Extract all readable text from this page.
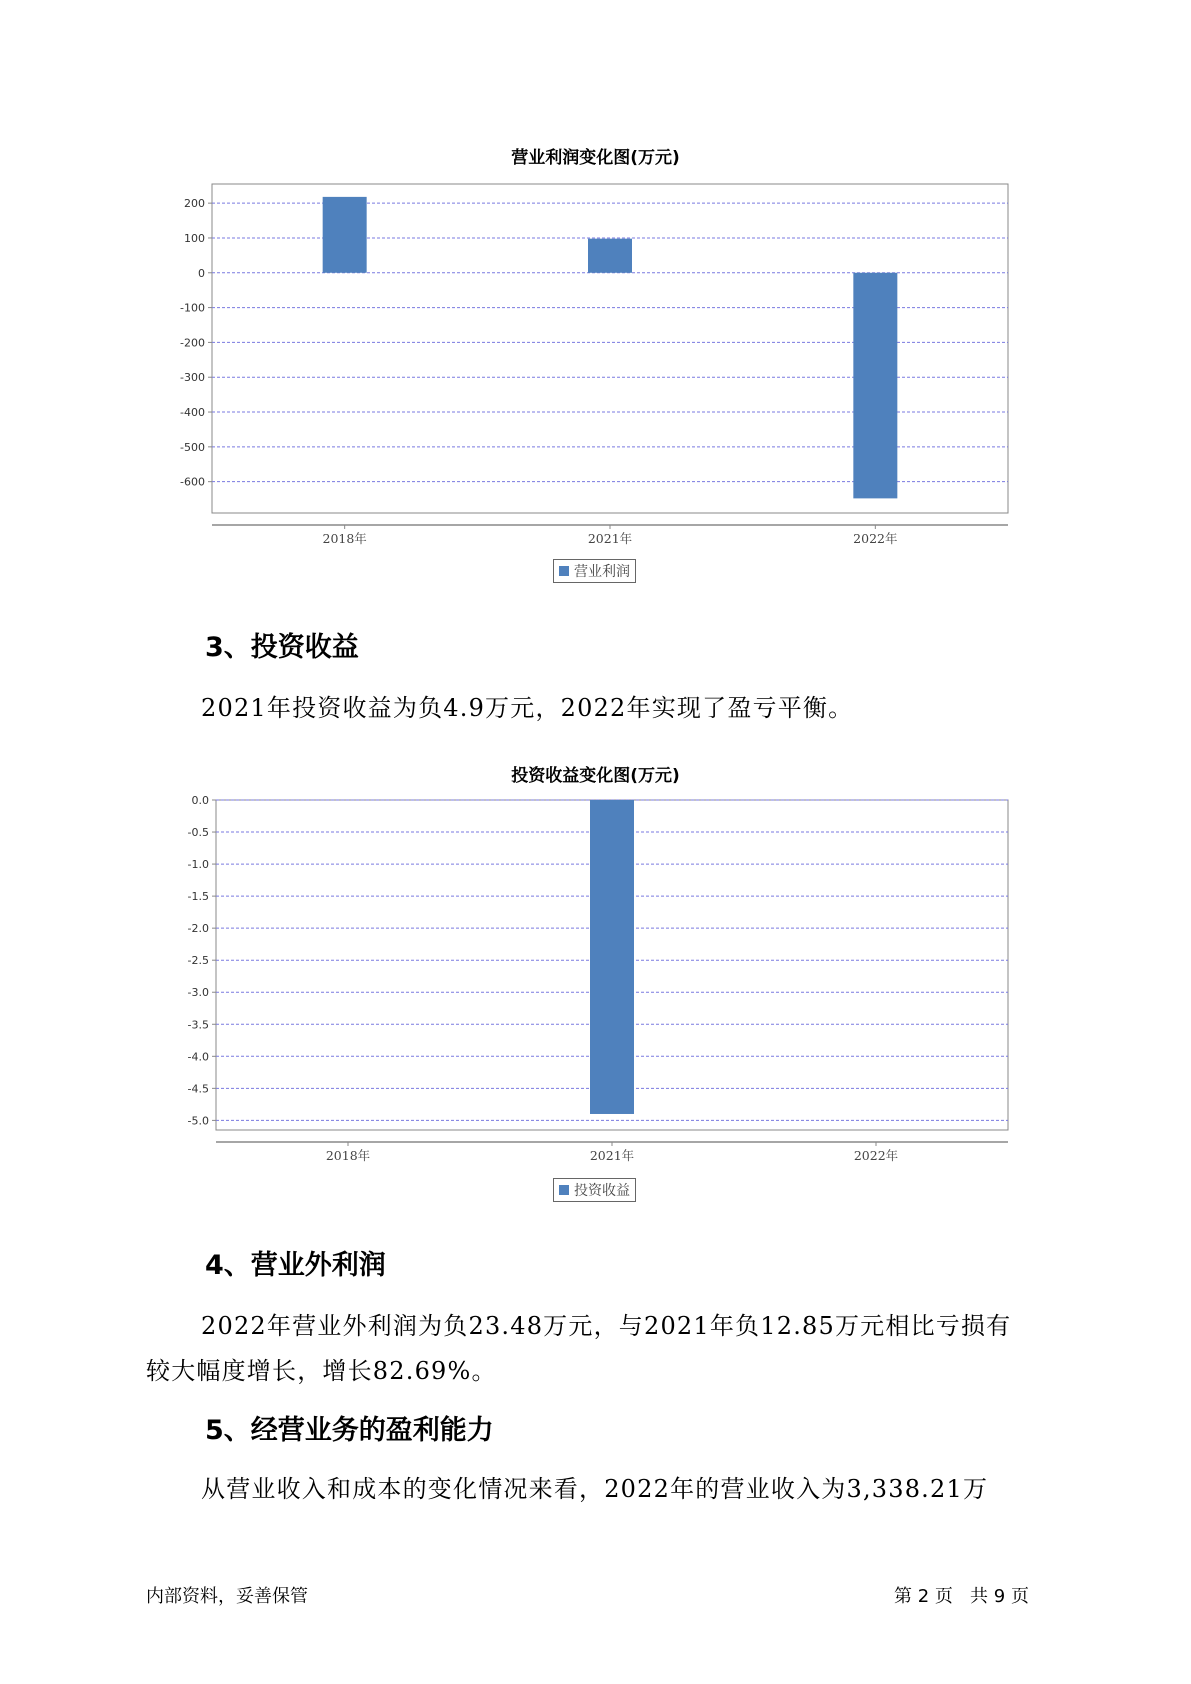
营业利润变化图(万元)
200
100
0
-100
-200
-300
-400
-500
-600
2018年	2021年	2022年
营业利润
3、投资收益

2021年投资收益为负4.9万元，2022年实现了盈亏平衡。

投资收益变化图(万元)
0.0
-0.5
-1.0
-1.5
-2.0
-2.5
-3.0
-3.5
-4.0
-4.5
-5.0
2018年	2021年	2022年
投资收益
4、营业外利润

2022年营业外利润为负23.48万元，与2021年负12.85万元相比亏损有

较大幅度增长，增长82.69%。

5、经营业务的盈利能力

从营业收入和成本的变化情况来看，2022年的营业收入为3,338.21万

内部资料，妥善保管	第 2 页   共 9 页
